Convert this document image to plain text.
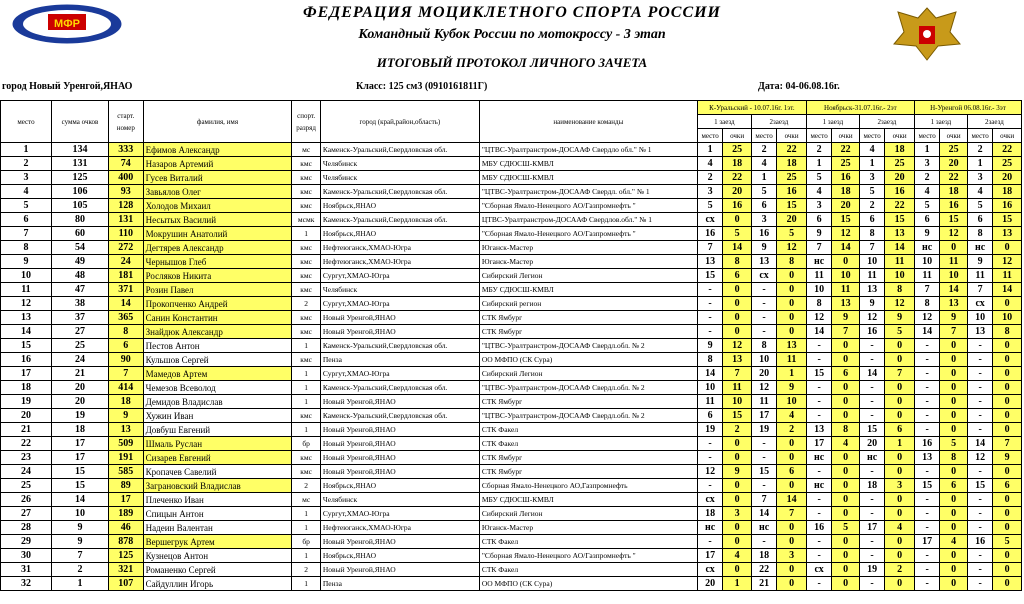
МФР
ФЕДЕРАЦИЯ МОЦИКЛЕТНОГО СПОРТА РОССИИ
Командный Кубок России по мотокроссу - 3 этап
ИТОГОВЫЙ ПРОТОКОЛ ЛИЧНОГО ЗАЧЕТА
город Новый Уренгой,ЯНАО	Класс: 125 см3 (0910161811Г)	Дата: 04-06.08.16г.
место	сумма очков	старт. номер	фамилия, имя	спорт. разряд	город (край,район,область)	наименование команды	К-Уральский - 10.07.16г. 1эт.				Ноябрьск-31.07.16г.- 2эт				Н-Уренгой 06.08.16г.- 3эт			
							1 заезд		2заезд		1 заезд		2заезд		1 заезд		2заезд	
							место	очки	место	очки	место	очки	место	очки	место	очки	место	очки
1	134	333	Ефимов Александр	мс	Каменск-Уральский,Свердловская обл.	"ЦТВС-Уралтранстром-ДОСААФ Свердло обл." № 1	1	25	2	22	2	22	4	18	1	25	2	22
2	131	74	Назаров Артемий	кмс	Челябинск	МБУ СДЮСШ-КМВЛ	4	18	4	18	1	25	1	25	3	20	1	25
3	125	400	Гусев Виталий	кмс	Челябинск	МБУ СДЮСШ-КМВЛ	2	22	1	25	5	16	3	20	2	22	3	20
4	106	93	Завьялов Олег	кмс	Каменск-Уральский,Свердловская обл.	"ЦТВС-Уралтранстром-ДОСААФ Свердл. обл." № 1	3	20	5	16	4	18	5	16	4	18	4	18
5	105	128	Холодов Михаил	кмс	Ноябрьск,ЯНАО	"Сборная Ямало-Ненецкого АО/Газпромнефть "	5	16	6	15	3	20	2	22	5	16	5	16
6	80	131	Несытых Василий	мсмк	Каменск-Уральский,Свердловская обл.	ЦТВС-Уралтранстром-ДОСААФ Свердлов.обл." № 1	сх	0	3	20	6	15	6	15	6	15	6	15
7	60	110	Мокрушин Анатолий	1	Ноябрьск,ЯНАО	"Сборная Ямало-Ненецкого АО/Газпромнефть "	16	5	16	5	9	12	8	13	9	12	8	13
8	54	272	Дегтярев Александр	кмс	Нефтеюганск,ХМАО-Югра	Юганск-Мастер	7	14	9	12	7	14	7	14	нс	0	нс	0
9	49	24	Чернышов Глеб	кмс	Нефтеюганск,ХМАО-Югра	Юганск-Мастер	13	8	13	8	нс	0	10	11	10	11	9	12
10	48	181	Росляков Никита	кмс	Сургут,ХМАО-Югра	Сибирский Легион	15	6	сх	0	11	10	11	10	11	10	11	11
11	47	371	Розин Павел	кмс	Челябинск	МБУ СДЮСШ-КМВЛ	-	0	-	0	10	11	13	8	7	14	7	14
12	38	14	Прокопченко Андрей	2	Сургут,ХМАО-Югра	Сибирский регион	-	0	-	0	8	13	9	12	8	13	сх	0
13	37	365	Санин Константин	кмс	Новый Уренгой,ЯНАО	СТК Ямбург	-	0	-	0	12	9	12	9	12	9	10	10
14	27	8	Знайдюк Александр	кмс	Новый Уренгой,ЯНАО	СТК Ямбург	-	0	-	0	14	7	16	5	14	7	13	8
15	25	6	Пестов Антон	1	Каменск-Уральский,Свердловская обл.	"ЦТВС-Уралтранстром-ДОСААФ Свердл.обл. № 2	9	12	8	13	-	0	-	0	-	0	-	0
16	24	90	Кульшов Сергей	кмс	Пенза	ОО МФПО (СК Сура)	8	13	10	11	-	0	-	0	-	0	-	0
17	21	7	Мамедов Артем	1	Сургут,ХМАО-Югра	Сибирский Легион	14	7	20	1	15	6	14	7	-	0	-	0
18	20	414	Чемезов Всеволод	1	Каменск-Уральский,Свердловская обл.	"ЦТВС-Уралтранстром-ДОСААФ Свердл.обл. № 2	10	11	12	9	-	0	-	0	-	0	-	0
19	20	18	Демидов Владислав	1	Новый Уренгой,ЯНАО	СТК Ямбург	11	10	11	10	-	0	-	0	-	0	-	0
20	19	9	Хужин Иван	кмс	Каменск-Уральский,Свердловская обл.	"ЦТВС-Уралтранстром-ДОСААФ Свердл.обл. № 2	6	15	17	4	-	0	-	0	-	0	-	0
21	18	13	Довбуш Евгений	1	Новый Уренгой,ЯНАО	СТК Факел	19	2	19	2	13	8	15	6	-	0	-	0
22	17	509	Шмаль Руслан	бр	Новый Уренгой,ЯНАО	СТК Факел	-	0	-	0	17	4	20	1	16	5	14	7
23	17	191	Сизарев Евгений	кмс	Новый Уренгой,ЯНАО	СТК Ямбург	-	0	-	0	нс	0	нс	0	13	8	12	9
24	15	585	Кропачев Савелий	кмс	Новый Уренгой,ЯНАО	СТК Ямбург	12	9	15	6	-	0	-	0	-	0	-	0
25	15	89	Заграновский Владислав	2	Ноябрьск,ЯНАО	Сборная Ямало-Ненецкого АО,Газпромнефть	-	0	-	0	нс	0	18	3	15	6	15	6
26	14	17	Плеченко Иван	мс	Челябинск	МБУ СДЮСШ-КМВЛ	сх	0	7	14	-	0	-	0	-	0	-	0
27	10	189	Спицын Антон	1	Сургут,ХМАО-Югра	Сибирский Легион	18	3	14	7	-	0	-	0	-	0	-	0
28	9	46	Надеин Валентан	1	Нефтеюганск,ХМАО-Югра	Юганск-Мастер	нс	0	нс	0	16	5	17	4	-	0	-	0
29	9	878	Вершегрук Артем	бр	Новый Уренгой,ЯНАО	СТК Факел	-	0	-	0	-	0	-	0	17	4	16	5
30	7	125	Кузнецов Антон	1	Ноябрьск,ЯНАО	"Сборная Ямало-Ненецкого АО/Газпромнефть "	17	4	18	3	-	0	-	0	-	0	-	0
31	2	321	Романенко Сергей	2	Новый Уренгой,ЯНАО	СТК Факел	сх	0	22	0	сх	0	19	2	-	0	-	0
32	1	107	Сайдуллин Игорь	1	Пенза	ОО МФПО (СК Сура)	20	1	21	0	-	0	-	0	-	0	-	0
